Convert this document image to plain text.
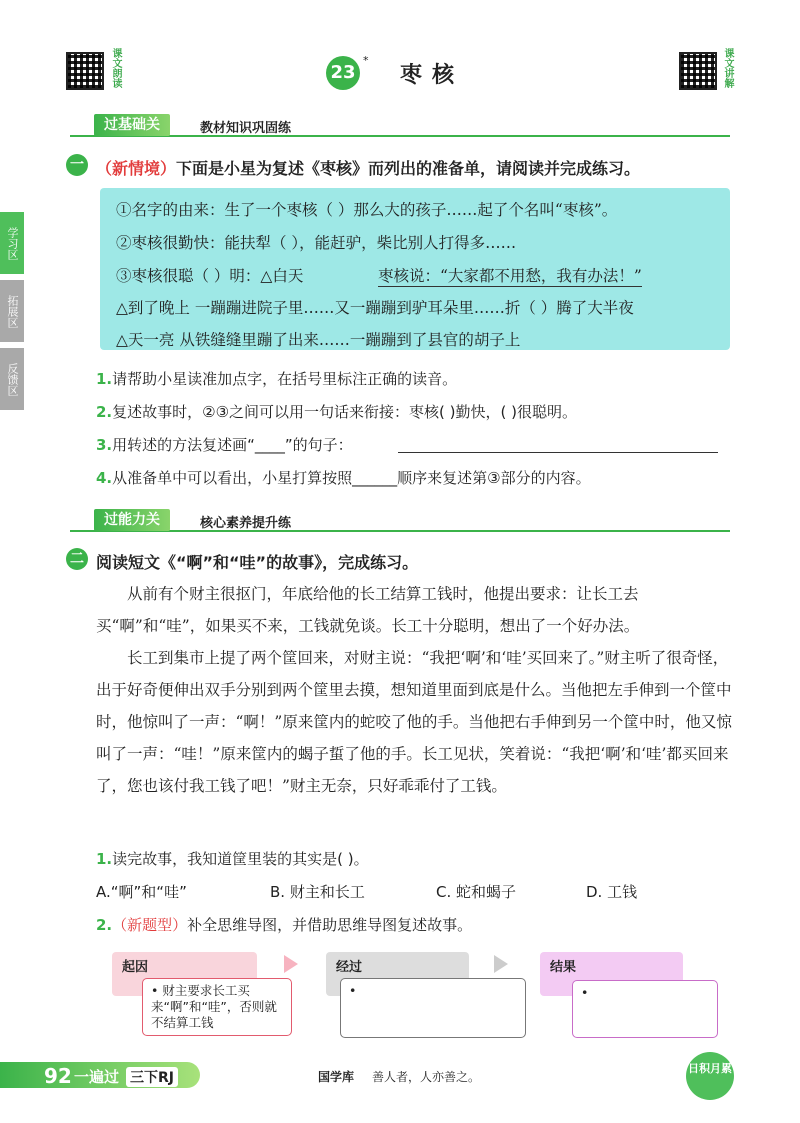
课文朗读	23
*
枣核	课文讲解
学习区
拓展区
反馈区
过基础关	教材知识巩固练
一 （新情境）下面是小星为复述《枣核》而列出的准备单，请阅读并完成练习。
①名字的由来：生了一个枣核（ ）那么大的孩子……起了个名叫“枣核”。
②枣核很勤快：能扶犁（ ），能赶驴，柴比别人打得多……
③枣核很聪（ ）明：△白天	枣核说：“大家都不用愁，我有办法！”
△到了晚上 一蹦蹦进院子里……又一蹦蹦到驴耳朵里……折（ ）腾了大半夜
△天一亮 从铁缝缝里蹦了出来……一蹦蹦到了县官的胡子上
1.请帮助小星读准加点字，在括号里标注正确的读音。
2.复述故事时，②③之间可以用一句话来衔接：枣核( )勤快，( )很聪明。
3.用转述的方法复述画“____”的句子：
4.从准备单中可以看出，小星打算按照______顺序来复述第③部分的内容。
过能力关	核心素养提升练
二 阅读短文《“啊”和“哇”的故事》，完成练习。
从前有个财主很抠门，年底给他的长工结算工钱时，他提出要求：让长工去买“啊”和“哇”，如果买不来，工钱就免谈。长工十分聪明，想出了一个好办法。
长工到集市上提了两个筐回来，对财主说：“我把‘啊’和‘哇’买回来了。”财主听了很奇怪，出于好奇便伸出双手分别到两个筐里去摸，想知道里面到底是什么。当他把左手伸到一个筐中时，他惊叫了一声：“啊！”原来筐内的蛇咬了他的手。当他把右手伸到另一个筐中时，他又惊叫了一声：“哇！”原来筐内的蝎子蜇了他的手。长工见状，笑着说：“我把‘啊’和‘哇’都买回来了，您也该付我工钱了吧！”财主无奈，只好乖乖付了工钱。
1.读完故事，我知道筐里装的其实是( )。
A.“啊”和“哇”	B. 财主和长工	C. 蛇和蝎子	D. 工钱
2.（新题型）补全思维导图，并借助思维导图复述故事。
起因
• 财主要求长工买来“啊”和“哇”，否则就不结算工钱
经过
•
结果
•
92 一遍过 三下RJ	国学库 善人者，人亦善之。
日积月累
